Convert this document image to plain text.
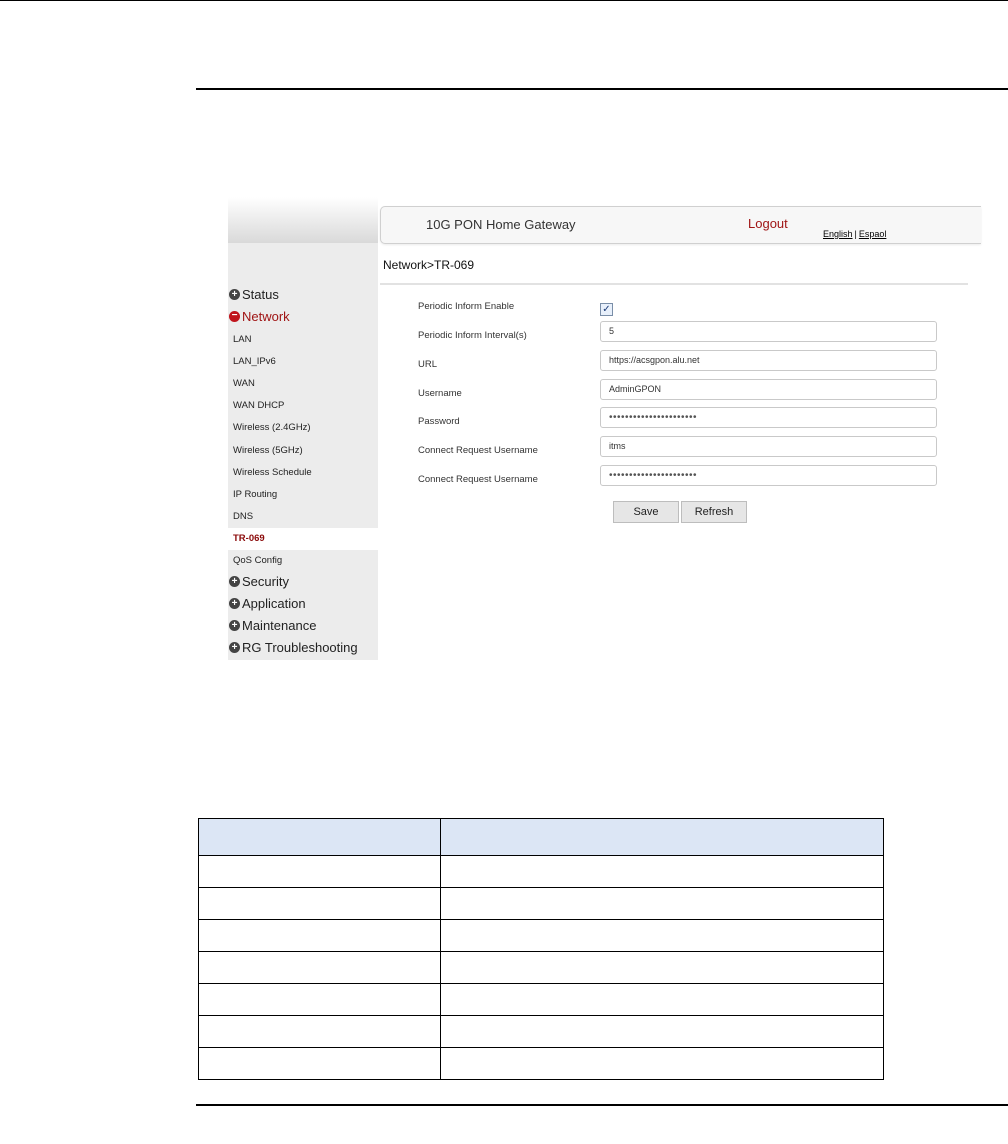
10G PON Home Gateway	Logout
English | Espaol
Network>TR-069
+ Status
− Network
LAN
LAN_IPv6
WAN
WAN DHCP
Wireless (2.4GHz)
Wireless (5GHz)
Wireless Schedule
IP Routing
DNS
TR-069
QoS Config
+ Security
+ Application
+ Maintenance
+ RG Troubleshooting
Periodic Inform Enable	✓
Periodic Inform Interval(s)	5
URL	https://acsgpon.alu.net
Username	AdminGPON
Password	••••••••••••••••••••••
Connect Request Username	itms
Connect Request Username	••••••••••••••••••••••
Save	Refresh
